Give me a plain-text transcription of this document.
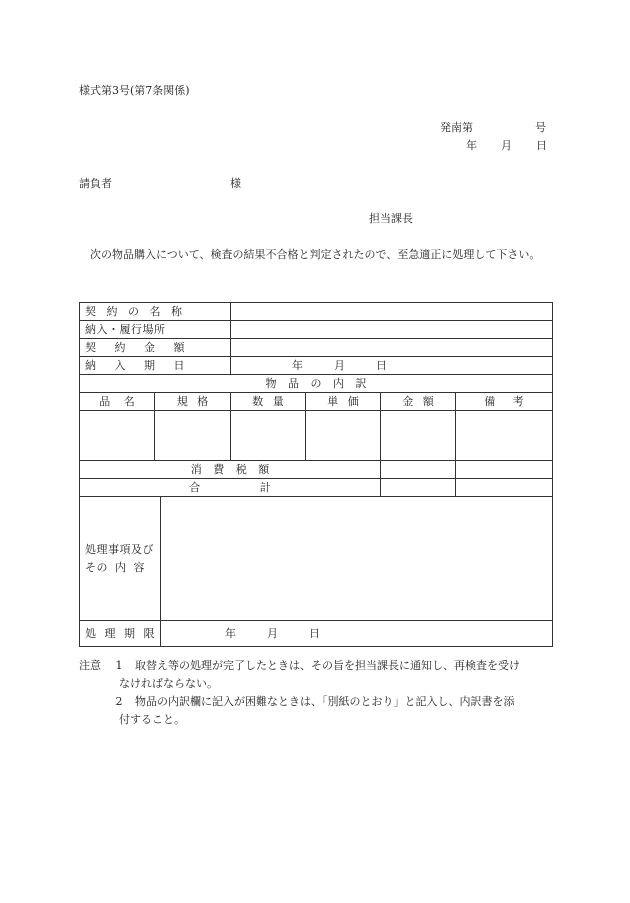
様式第3号(第7条関係)
発南第	号
年 月 日
請負者	様
担当課長
次の物品購入について、検査の結果不合格と判定されたので、至急適正に処理して下さい。
契 約 の 名 称						
納入・履行場所						
契 約 金 額						
納 入 期 日			年 月 日			
物 品 の 内 訳						
品 名	規 格		数 量	単 価	金 額	備 考

消 費 税 額						
合 計						
処理事項及び その 内 容						
処 理 期 限		年 月 日				
注意	1	取替え等の処理が完了したときは、その旨を担当課長に通知し、再検査を受け
なければならない。
2	物品の内訳欄に記入が困難なときは、「別紙のとおり」と記入し、内訳書を添
付すること。
